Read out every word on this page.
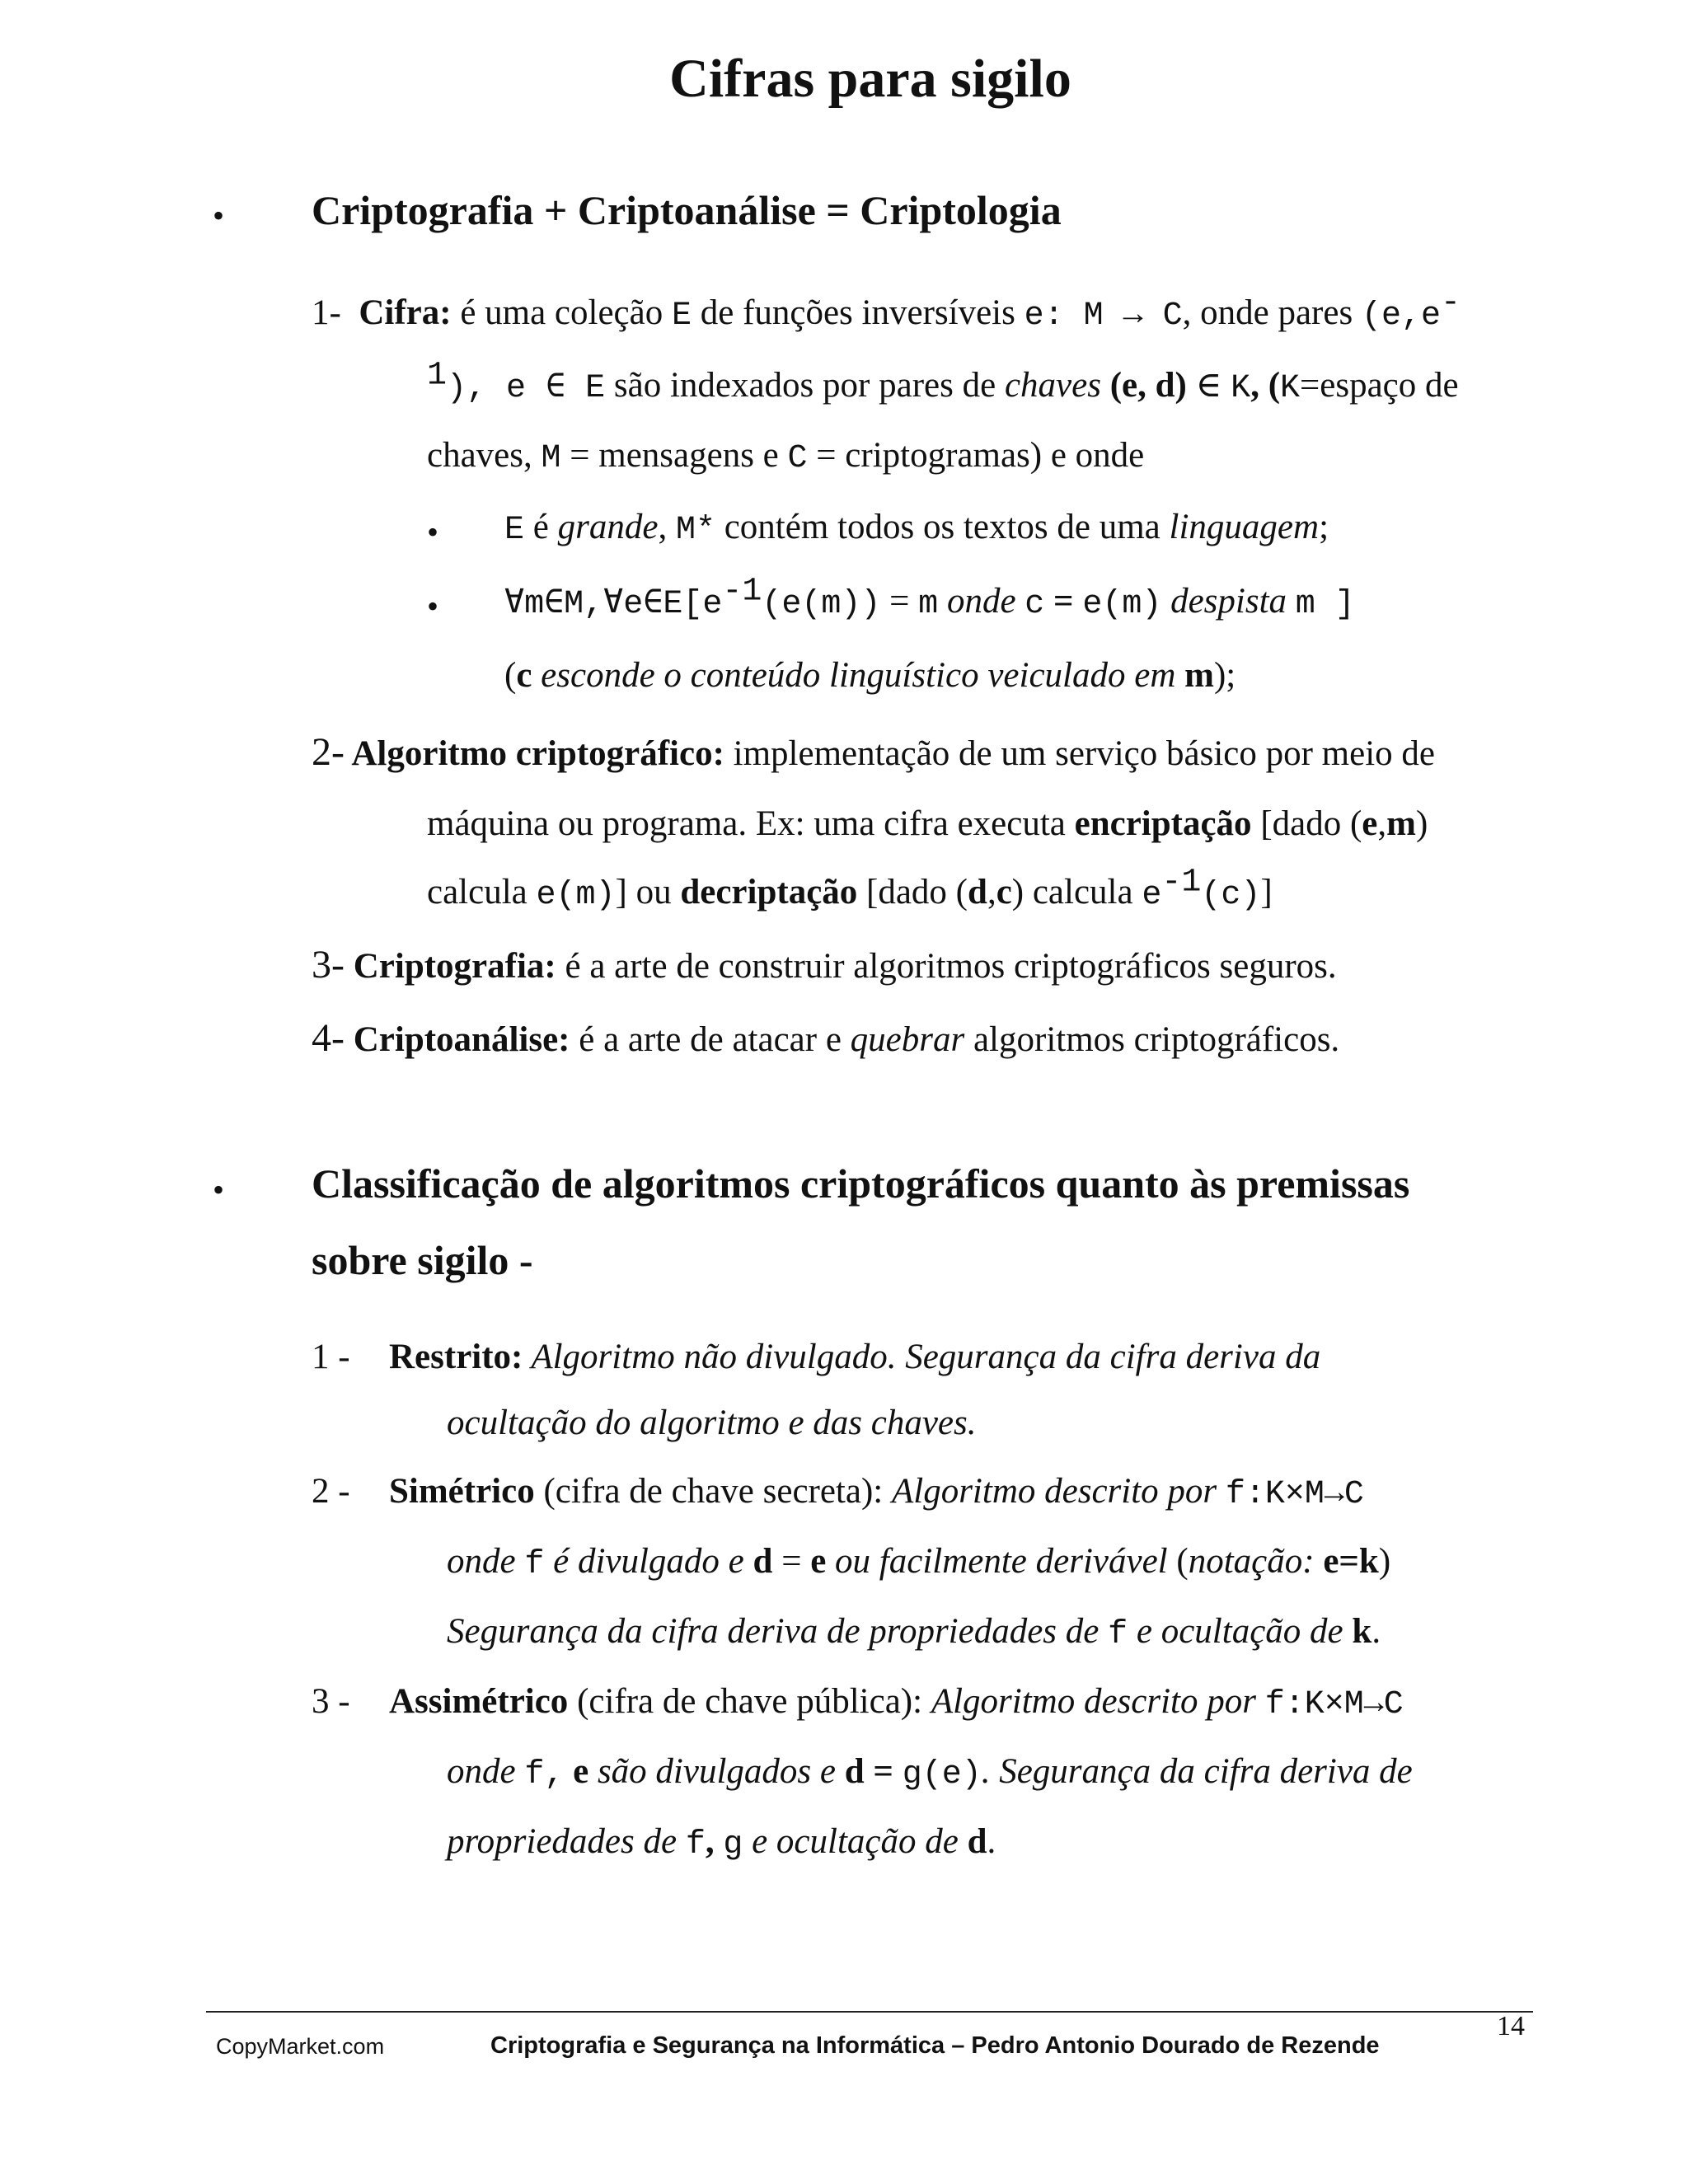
Cifras para sigilo
• Criptografia + Criptoanálise = Criptologia
1- Cifra: é uma coleção E de funções inversíveis e: M → C, onde pares (e,e-
$^1$), e ∈ E são indexados por pares de chaves (e, d) ∈ K, (K=espaço de
chaves, M = mensagens e C = criptogramas) e onde
• E é grande, M* contém todos os textos de uma linguagem;
• $\forall m\in M,\forall e\in E[e^{-1}(e(m)) = m$ onde c = e(m) despista m ]
(c esconde o conteúdo linguístico veiculado em m);
2- Algoritmo criptográfico: implementação de um serviço básico por meio de
máquina ou programa. Ex: uma cifra executa encriptação [dado (e,m)
calcula e(m)] ou decriptação [dado (d,c) calcula $e^{-1}(c)$]
3- Criptografia: é a arte de construir algoritmos criptográficos seguros.
4- Criptoanálise: é a arte de atacar e quebrar algoritmos criptográficos.
• Classificação de algoritmos criptográficos quanto às premissas
sobre sigilo -
1 - Restrito: Algoritmo não divulgado. Segurança da cifra deriva da
ocultação do algoritmo e das chaves.
2 - Simétrico (cifra de chave secreta): Algoritmo descrito por f:K×M→C
onde f é divulgado e d = e ou facilmente derivável (notação: e=k)
Segurança da cifra deriva de propriedades de f e ocultação de k.
3 - Assimétrico (cifra de chave pública): Algoritmo descrito por f:K×M→C
onde f, e são divulgados e d = g(e). Segurança da cifra deriva de
propriedades de f, g e ocultação de d.
14
CopyMarket.com	Criptografia e Segurança na Informática – Pedro Antonio Dourado de Rezende
